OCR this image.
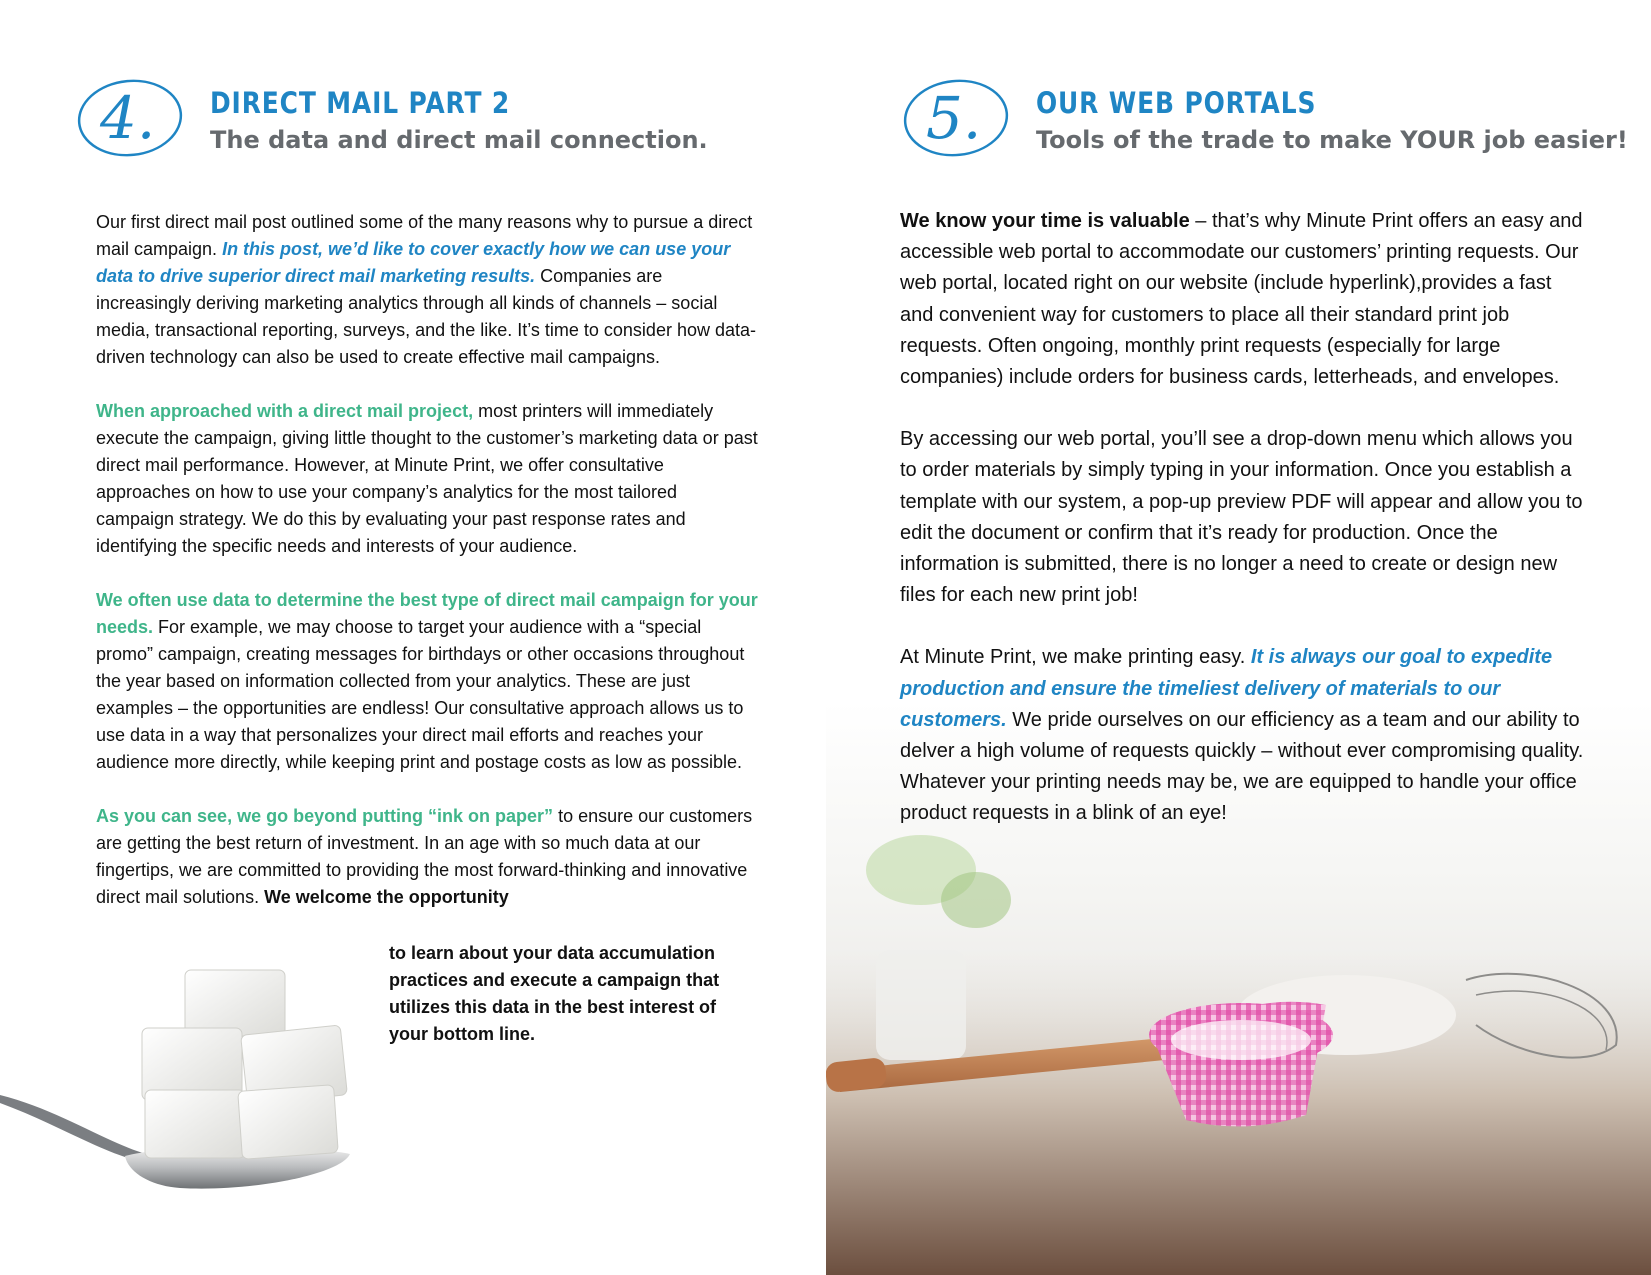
4. DIRECT MAIL PART 2
The data and direct mail connection.

Our first direct mail post outlined some of the many reasons why to pursue a direct mail campaign. In this post, we’d like to cover exactly how we can use your data to drive superior direct mail marketing results. Companies are increasingly deriving marketing analytics through all kinds of channels – social media, transactional reporting, surveys, and the like. It’s time to consider how data-driven technology can also be used to create effective mail campaigns.

When approached with a direct mail project, most printers will immediately execute the campaign, giving little thought to the customer’s marketing data or past direct mail performance. However, at Minute Print, we offer consultative approaches on how to use your company’s analytics for the most tailored campaign strategy. We do this by evaluating your past response rates and identifying the specific needs and interests of your audience.

We often use data to determine the best type of direct mail campaign for your needs. For example, we may choose to target your audience with a “special promo” campaign, creating messages for birthdays or other occasions throughout the year based on information collected from your analytics. These are just examples – the opportunities are endless! Our consultative approach allows us to use data in a way that personalizes your direct mail efforts and reaches your audience more directly, while keeping print and postage costs as low as possible.

As you can see, we go beyond putting “ink on paper” to ensure our customers are getting the best return of investment. In an age with so much data at our fingertips, we are committed to providing the most forward-thinking and innovative direct mail solutions. We welcome the opportunity

to learn about your data accumulation practices and execute a campaign that utilizes this data in the best interest of your bottom line.

5. OUR WEB PORTALS
Tools of the trade to make YOUR job easier!

We know your time is valuable – that’s why Minute Print offers an easy and accessible web portal to accommodate our customers’ printing requests. Our web portal, located right on our website (include hyperlink),provides a fast and convenient way for customers to place all their standard print job requests. Often ongoing, monthly print requests (especially for large companies) include orders for business cards, letterheads, and envelopes.

By accessing our web portal, you’ll see a drop-down menu which allows you to order materials by simply typing in your information. Once you establish a template with our system, a pop-up preview PDF will appear and allow you to edit the document or confirm that it’s ready for production. Once the information is submitted, there is no longer a need to create or design new files for each new print job!

At Minute Print, we make printing easy. It is always our goal to expedite production and ensure the timeliest delivery of materials to our customers. We pride ourselves on our efficiency as a team and our ability to delver a high volume of requests quickly – without ever compromising quality. Whatever your printing needs may be, we are equipped to handle your office product requests in a blink of an eye!
